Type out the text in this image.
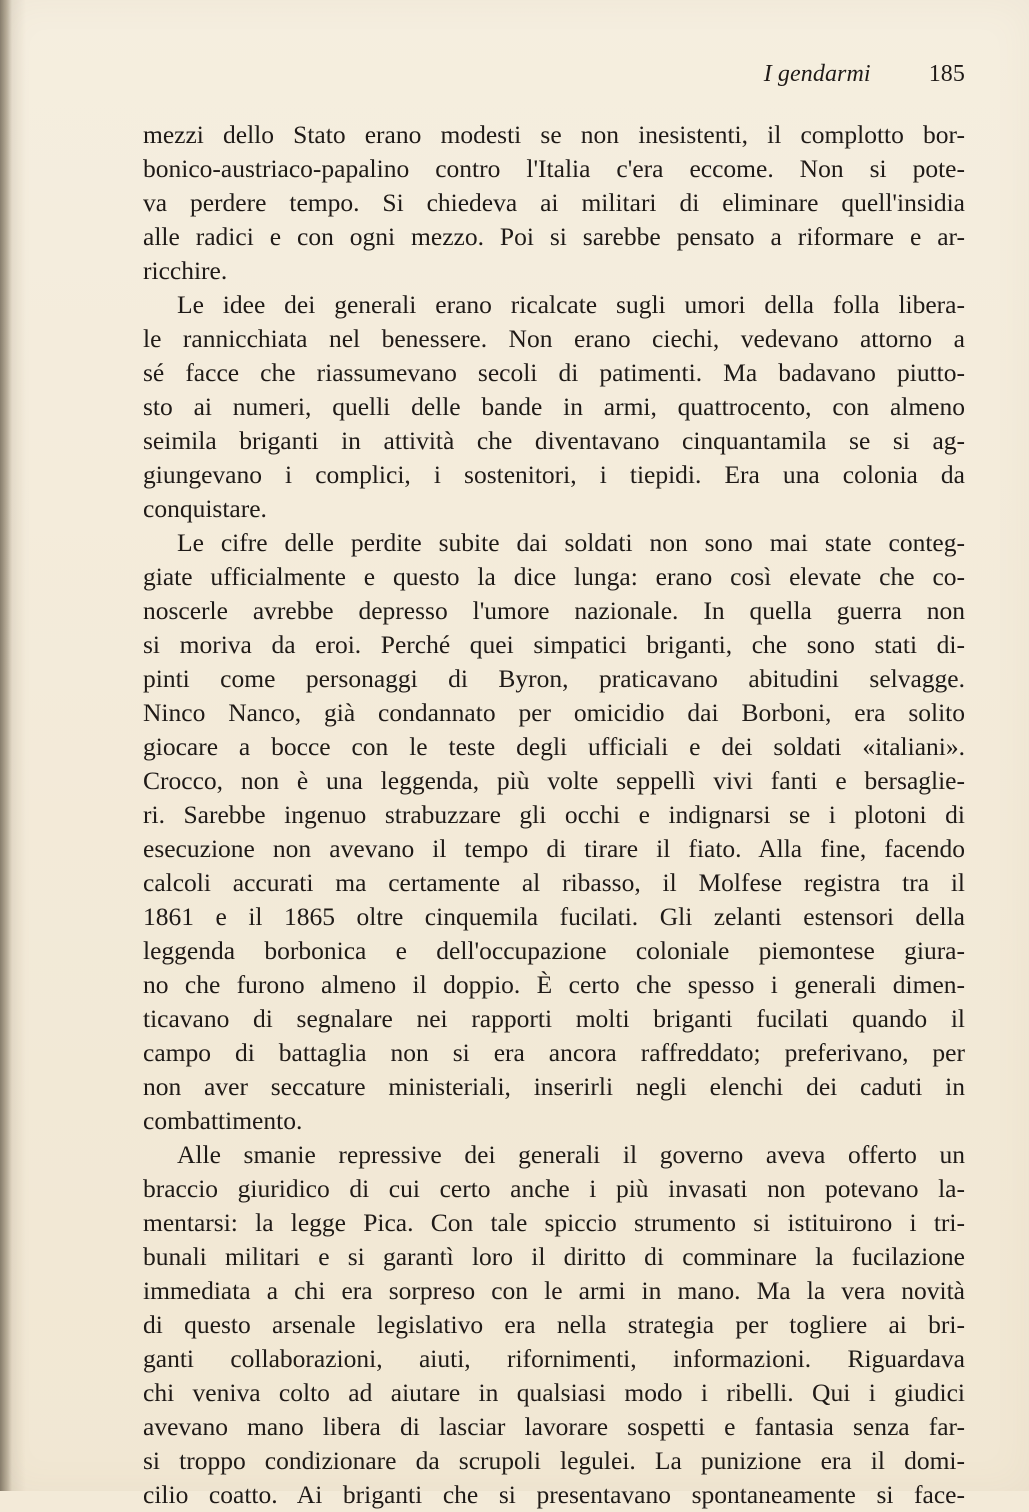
I gendarmi 185
mezzi dello Stato erano modesti se non inesistenti, il complotto bor-
bonico-austriaco-papalino contro l'Italia c'era eccome. Non si pote-
va perdere tempo. Si chiedeva ai militari di eliminare quell'insidia
alle radici e con ogni mezzo. Poi si sarebbe pensato a riformare e ar-
ricchire.
Le idee dei generali erano ricalcate sugli umori della folla libera-
le rannicchiata nel benessere. Non erano ciechi, vedevano attorno a
sé facce che riassumevano secoli di patimenti. Ma badavano piutto-
sto ai numeri, quelli delle bande in armi, quattrocento, con almeno
seimila briganti in attività che diventavano cinquantamila se si ag-
giungevano i complici, i sostenitori, i tiepidi. Era una colonia da
conquistare.
Le cifre delle perdite subite dai soldati non sono mai state conteg-
giate ufficialmente e questo la dice lunga: erano così elevate che co-
noscerle avrebbe depresso l'umore nazionale. In quella guerra non
si moriva da eroi. Perché quei simpatici briganti, che sono stati di-
pinti come personaggi di Byron, praticavano abitudini selvagge.
Ninco Nanco, già condannato per omicidio dai Borboni, era solito
giocare a bocce con le teste degli ufficiali e dei soldati «italiani».
Crocco, non è una leggenda, più volte seppellì vivi fanti e bersaglie-
ri. Sarebbe ingenuo strabuzzare gli occhi e indignarsi se i plotoni di
esecuzione non avevano il tempo di tirare il fiato. Alla fine, facendo
calcoli accurati ma certamente al ribasso, il Molfese registra tra il
1861 e il 1865 oltre cinquemila fucilati. Gli zelanti estensori della
leggenda borbonica e dell'occupazione coloniale piemontese giura-
no che furono almeno il doppio. È certo che spesso i generali dimen-
ticavano di segnalare nei rapporti molti briganti fucilati quando il
campo di battaglia non si era ancora raffreddato; preferivano, per
non aver seccature ministeriali, inserirli negli elenchi dei caduti in
combattimento.
Alle smanie repressive dei generali il governo aveva offerto un
braccio giuridico di cui certo anche i più invasati non potevano la-
mentarsi: la legge Pica. Con tale spiccio strumento si istituirono i tri-
bunali militari e si garantì loro il diritto di comminare la fucilazione
immediata a chi era sorpreso con le armi in mano. Ma la vera novità
di questo arsenale legislativo era nella strategia per togliere ai bri-
ganti collaborazioni, aiuti, rifornimenti, informazioni. Riguardava
chi veniva colto ad aiutare in qualsiasi modo i ribelli. Qui i giudici
avevano mano libera di lasciar lavorare sospetti e fantasia senza far-
si troppo condizionare da scrupoli legulei. La punizione era il domi-
cilio coatto. Ai briganti che si presentavano spontaneamente si face-
